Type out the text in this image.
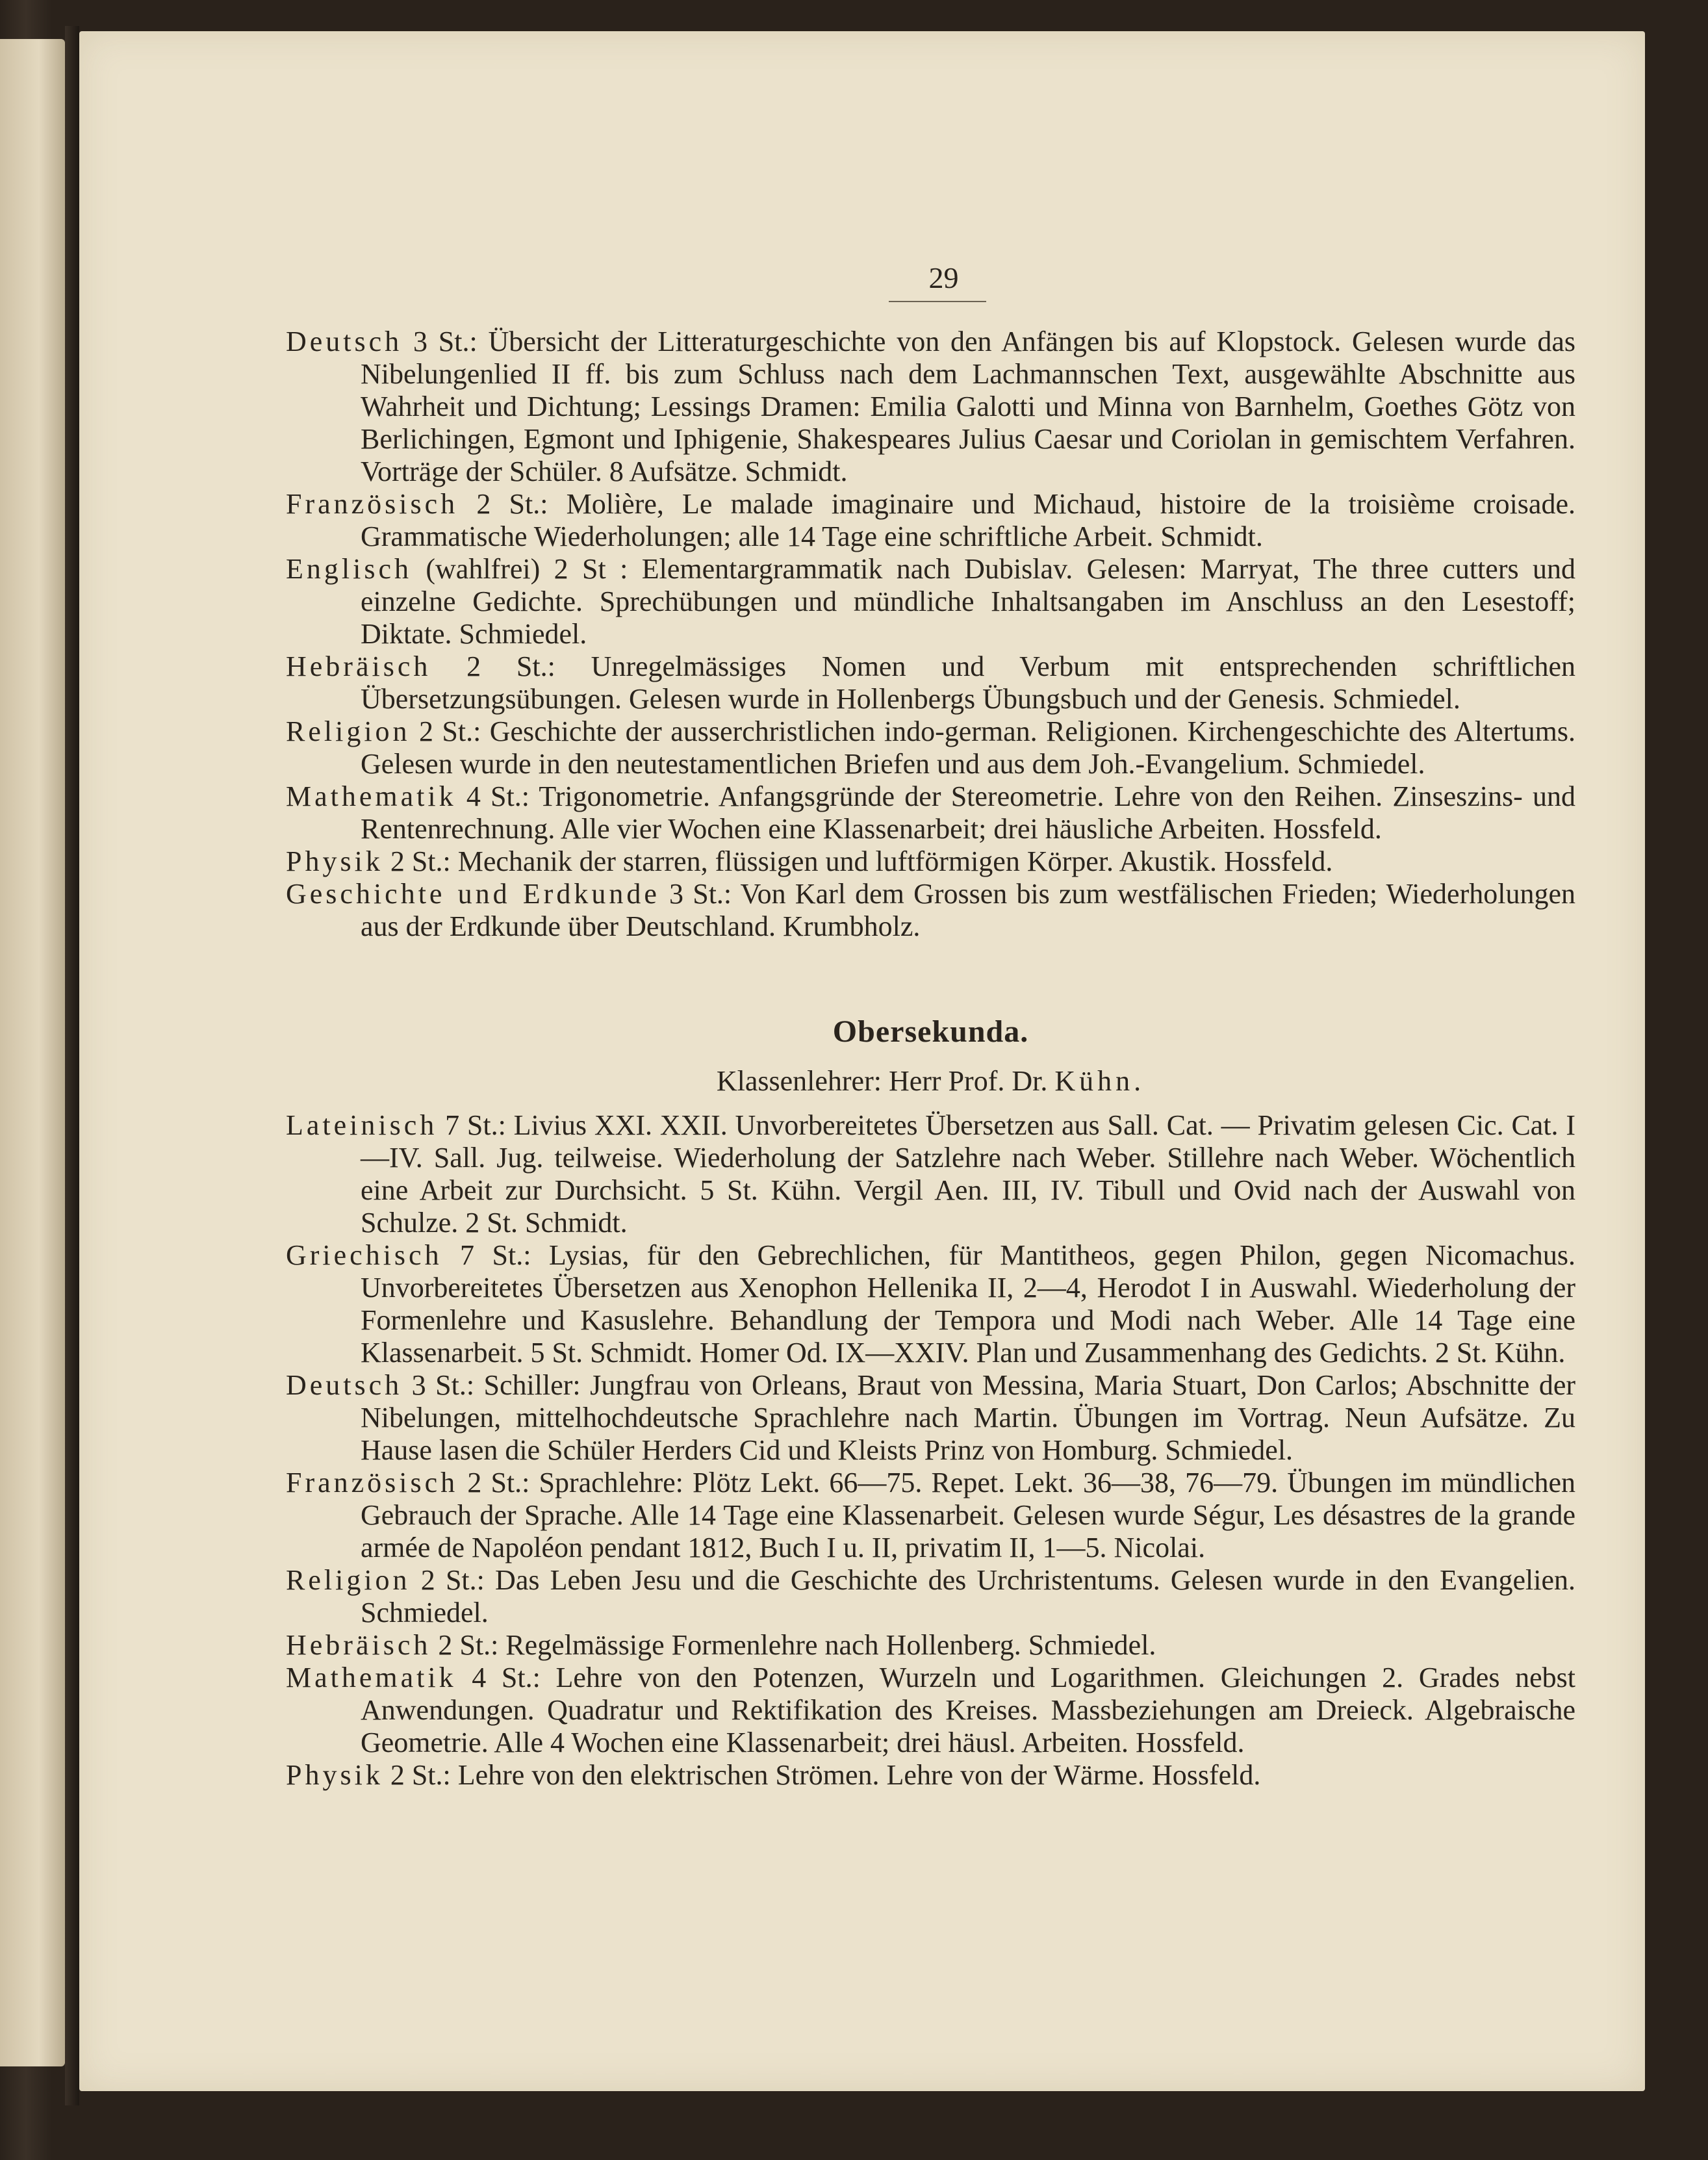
29

Deutsch 3 St.: Übersicht der Litteraturgeschichte von den Anfängen bis auf Klopstock. Gelesen wurde das Nibelungenlied II ff. bis zum Schluss nach dem Lachmannschen Text, ausgewählte Abschnitte aus Wahrheit und Dichtung; Lessings Dramen: Emilia Galotti und Minna von Barnhelm, Goethes Götz von Berlichingen, Egmont und Iphigenie, Shakespeares Julius Caesar und Coriolan in gemischtem Verfahren. Vorträge der Schüler. 8 Aufsätze. Schmidt.

Französisch 2 St.: Molière, Le malade imaginaire und Michaud, histoire de la troisième croisade. Grammatische Wiederholungen; alle 14 Tage eine schriftliche Arbeit. Schmidt.

Englisch (wahlfrei) 2 St : Elementargrammatik nach Dubislav. Gelesen: Marryat, The three cutters und einzelne Gedichte. Sprechübungen und mündliche Inhaltsangaben im Anschluss an den Lesestoff; Diktate. Schmiedel.

Hebräisch 2 St.: Unregelmässiges Nomen und Verbum mit entsprechenden schriftlichen Übersetzungsübungen. Gelesen wurde in Hollenbergs Übungsbuch und der Genesis. Schmiedel.

Religion 2 St.: Geschichte der ausserchristlichen indo-german. Religionen. Kirchengeschichte des Altertums. Gelesen wurde in den neutestamentlichen Briefen und aus dem Joh.-Evangelium. Schmiedel.

Mathematik 4 St.: Trigonometrie. Anfangsgründe der Stereometrie. Lehre von den Reihen. Zinseszins- und Rentenrechnung. Alle vier Wochen eine Klassenarbeit; drei häusliche Arbeiten. Hossfeld.

Physik 2 St.: Mechanik der starren, flüssigen und luftförmigen Körper. Akustik. Hossfeld.

Geschichte und Erdkunde 3 St.: Von Karl dem Grossen bis zum westfälischen Frieden; Wiederholungen aus der Erdkunde über Deutschland. Krumbholz.

Obersekunda.
Klassenlehrer: Herr Prof. Dr. Kühn.

Lateinisch 7 St.: Livius XXI. XXII. Unvorbereitetes Übersetzen aus Sall. Cat. — Privatim gelesen Cic. Cat. I—IV. Sall. Jug. teilweise. Wiederholung der Satzlehre nach Weber. Stillehre nach Weber. Wöchentlich eine Arbeit zur Durchsicht. 5 St. Kühn. Vergil Aen. III, IV. Tibull und Ovid nach der Auswahl von Schulze. 2 St. Schmidt.

Griechisch 7 St.: Lysias, für den Gebrechlichen, für Mantitheos, gegen Philon, gegen Nicomachus. Unvorbereitetes Übersetzen aus Xenophon Hellenika II, 2—4, Herodot I in Auswahl. Wiederholung der Formenlehre und Kasuslehre. Behandlung der Tempora und Modi nach Weber. Alle 14 Tage eine Klassenarbeit. 5 St. Schmidt. Homer Od. IX—XXIV. Plan und Zusammenhang des Gedichts. 2 St. Kühn.

Deutsch 3 St.: Schiller: Jungfrau von Orleans, Braut von Messina, Maria Stuart, Don Carlos; Abschnitte der Nibelungen, mittelhochdeutsche Sprachlehre nach Martin. Übungen im Vortrag. Neun Aufsätze. Zu Hause lasen die Schüler Herders Cid und Kleists Prinz von Homburg. Schmiedel.

Französisch 2 St.: Sprachlehre: Plötz Lekt. 66—75. Repet. Lekt. 36—38, 76—79. Übungen im mündlichen Gebrauch der Sprache. Alle 14 Tage eine Klassenarbeit. Gelesen wurde Ségur, Les désastres de la grande armée de Napoléon pendant 1812, Buch I u. II, privatim II, 1—5. Nicolai.

Religion 2 St.: Das Leben Jesu und die Geschichte des Urchristentums. Gelesen wurde in den Evangelien. Schmiedel.

Hebräisch 2 St.: Regelmässige Formenlehre nach Hollenberg. Schmiedel.

Mathematik 4 St.: Lehre von den Potenzen, Wurzeln und Logarithmen. Gleichungen 2. Grades nebst Anwendungen. Quadratur und Rektifikation des Kreises. Massbeziehungen am Dreieck. Algebraische Geometrie. Alle 4 Wochen eine Klassenarbeit; drei häusl. Arbeiten. Hossfeld.

Physik 2 St.: Lehre von den elektrischen Strömen. Lehre von der Wärme. Hossfeld.
